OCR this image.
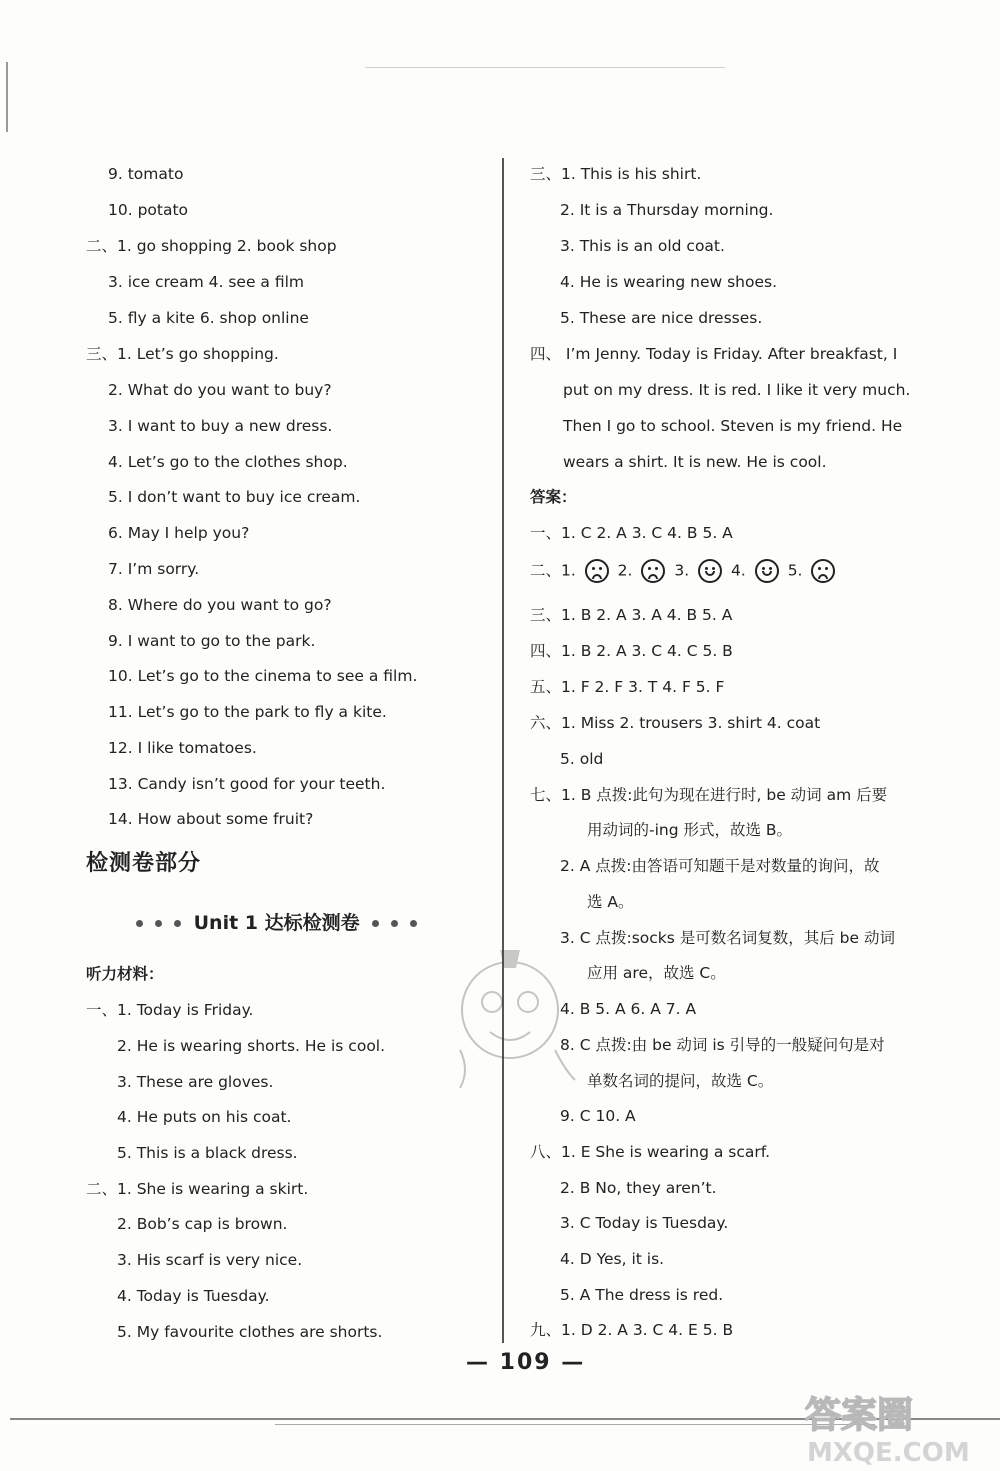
9. tomato
10. potato
二、1. go shopping 2. book shop
3. ice cream 4. see a film
5. fly a kite 6. shop online
三、1. Let’s go shopping.
2. What do you want to buy?
3. I want to buy a new dress.
4. Let’s go to the clothes shop.
5. I don’t want to buy ice cream.
6. May I help you?
7. I’m sorry.
8. Where do you want to go?
9. I want to go to the park.
10. Let’s go to the cinema to see a film.
11. Let’s go to the park to fly a kite.
12. I like tomatoes.
13. Candy isn’t good for your teeth.
14. How about some fruit?
检测卷部分
Unit 1 达标检测卷
听力材料：
一、1. Today is Friday.
2. He is wearing shorts. He is cool.
3. These are gloves.
4. He puts on his coat.
5. This is a black dress.
二、1. She is wearing a skirt.
2. Bob’s cap is brown.
3. His scarf is very nice.
4. Today is Tuesday.
5. My favourite clothes are shorts.
三、1. This is his shirt.
2. It is a Thursday morning.
3. This is an old coat.
4. He is wearing new shoes.
5. These are nice dresses.
四、 I’m Jenny. Today is Friday. After breakfast, I
put on my dress. It is red. I like it very much.
Then I go to school. Steven is my friend. He
wears a shirt. It is new. He is cool.
答案：
一、1. C 2. A 3. C 4. B 5. A
二、1.	2.	3.	4.	5.
三、1. B 2. A 3. A 4. B 5. A
四、1. B 2. A 3. C 4. C 5. B
五、1. F 2. F 3. T 4. F 5. F
六、1. Miss 2. trousers 3. shirt 4. coat
5. old
七、1. B 点拨:此句为现在进行时, be 动词 am 后要
用动词的-ing 形式，故选 B。
2. A 点拨:由答语可知题干是对数量的询问，故
选 A。
3. C 点拨:socks 是可数名词复数，其后 be 动词
应用 are，故选 C。
4. B 5. A 6. A 7. A
8. C 点拨:由 be 动词 is 引导的一般疑问句是对
单数名词的提问，故选 C。
9. C 10. A
八、1. E She is wearing a scarf.
2. B No, they aren’t.
3. C Today is Tuesday.
4. D Yes, it is.
5. A The dress is red.
九、1. D 2. A 3. C 4. E 5. B
— 109 —
答案圈
MXQE.COM
